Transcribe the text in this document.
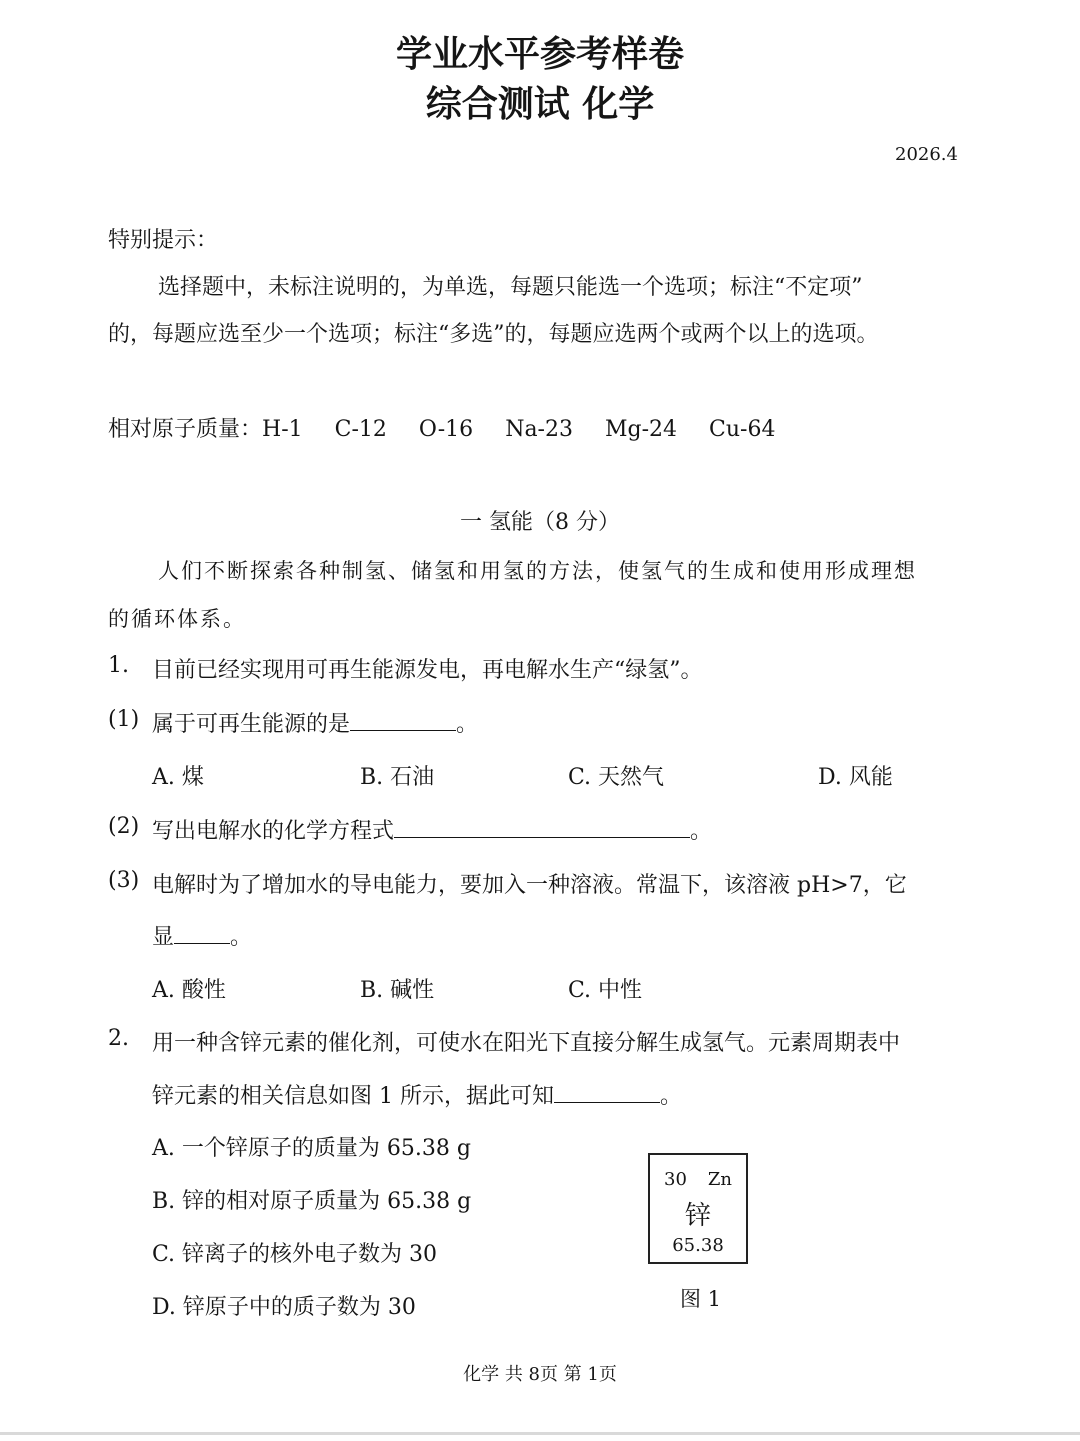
学业水平参考样卷
综合测试 化学
2026.4
特别提示：
选择题中，未标注说明的，为单选，每题只能选一个选项；标注“不定项”
的，每题应选至少一个选项；标注“多选”的，每题应选两个或两个以上的选项。
相对原子质量：H-1 C-12 O-16 Na-23 Mg-24 Cu-64
一 氢能（8 分）
人们不断探索各种制氢、储氢和用氢的方法，使氢气的生成和使用形成理想
的循环体系。
1. 目前已经实现用可再生能源发电，再电解水生产“绿氢”。
(1) 属于可再生能源的是	。
A. 煤	B. 石油	C. 天然气	D. 风能
(2) 写出电解水的化学方程式	。
(3) 电解时为了增加水的导电能力，要加入一种溶液。常温下，该溶液 pH>7，它
显	。
A. 酸性	B. 碱性	C. 中性
2. 用一种含锌元素的催化剂，可使水在阳光下直接分解生成氢气。元素周期表中
锌元素的相关信息如图 1 所示，据此可知	。
A. 一个锌原子的质量为 65.38 g
B. 锌的相对原子质量为 65.38 g
C. 锌离子的核外电子数为 30
D. 锌原子中的质子数为 30
30 Zn
锌
65.38
图 1
化学 共 8页 第 1页
